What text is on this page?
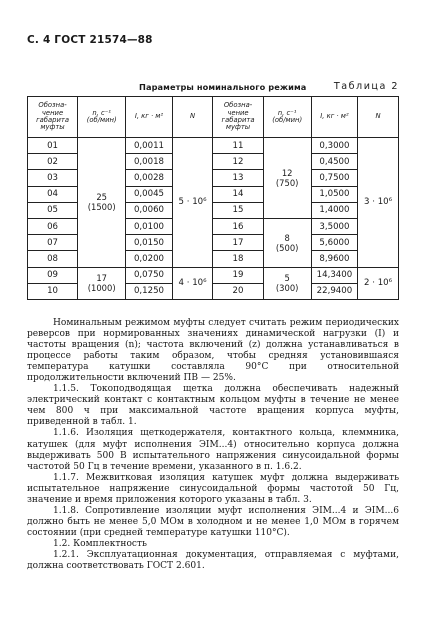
С. 4 ГОСТ 21574—88
Параметры номинального режима	Таблица 2
Обозна-
чение
габарита
муфты	n, с⁻¹
(об/мин)	I, кг · м²	N	Обозна-
чение
габарита
муфты	n, с⁻¹
(об/мин)	I, кг · м²	N
01	25
(1500)	0,0011	5 · 10⁶	11	12
(750)	0,3000	3 · 10⁶
02		0,0018		12		0,4500	
03		0,0028		13		0,7500	
04		0,0045		14		1,0500	
05		0,0060		15		1,4000	
06		0,0100		16	8
(500)	3,5000	
07		0,0150		17		5,6000	
08		0,0200		18		8,9600	
09	17
(1000)	0,0750	4 · 10⁶	19	5
(300)	14,3400	2 · 10⁶
10		0,1250		20		22,9400	

Номинальным режимом муфты следует считать режим периодических реверсов при нормированных значениях динамической нагрузки (I) и частоты вращения (n); частота включений (z) должна устанавливаться в процессе работы таким образом, чтобы средняя установившаяся температура катушки составляла 90°С при относительной продолжительности включений ПВ — 25%.

1.1.5. Токоподводящая щетка должна обеспечивать надежный электрический контакт с контактным кольцом муфты в течение не менее чем 800 ч при максимальной частоте вращения корпуса муфты, приведенной в табл. 1.

1.1.6. Изоляция щеткодержателя, контактного кольца, клеммника, катушек (для муфт исполнения ЭIM...4) относительно корпуса должна выдерживать 500 В испытательного напряжения синусоидальной формы частотой 50 Гц в течение времени, указанного в п. 1.6.2.

1.1.7. Межвитковая изоляция катушек муфт должна выдерживать испытательное напряжение синусоидальной формы частотой 50 Гц, значение и время приложения которого указаны в табл. 3.

1.1.8. Сопротивление изоляции муфт исполнения ЭIM...4 и ЭIM...6 должно быть не менее 5,0 МОм в холодном и не менее 1,0 МОм в горячем состоянии (при средней температуре катушки 110°С).

1.2. Комплектность

1.2.1. Эксплуатационная документация, отправляемая с муфтами, должна соответствовать ГОСТ 2.601.
